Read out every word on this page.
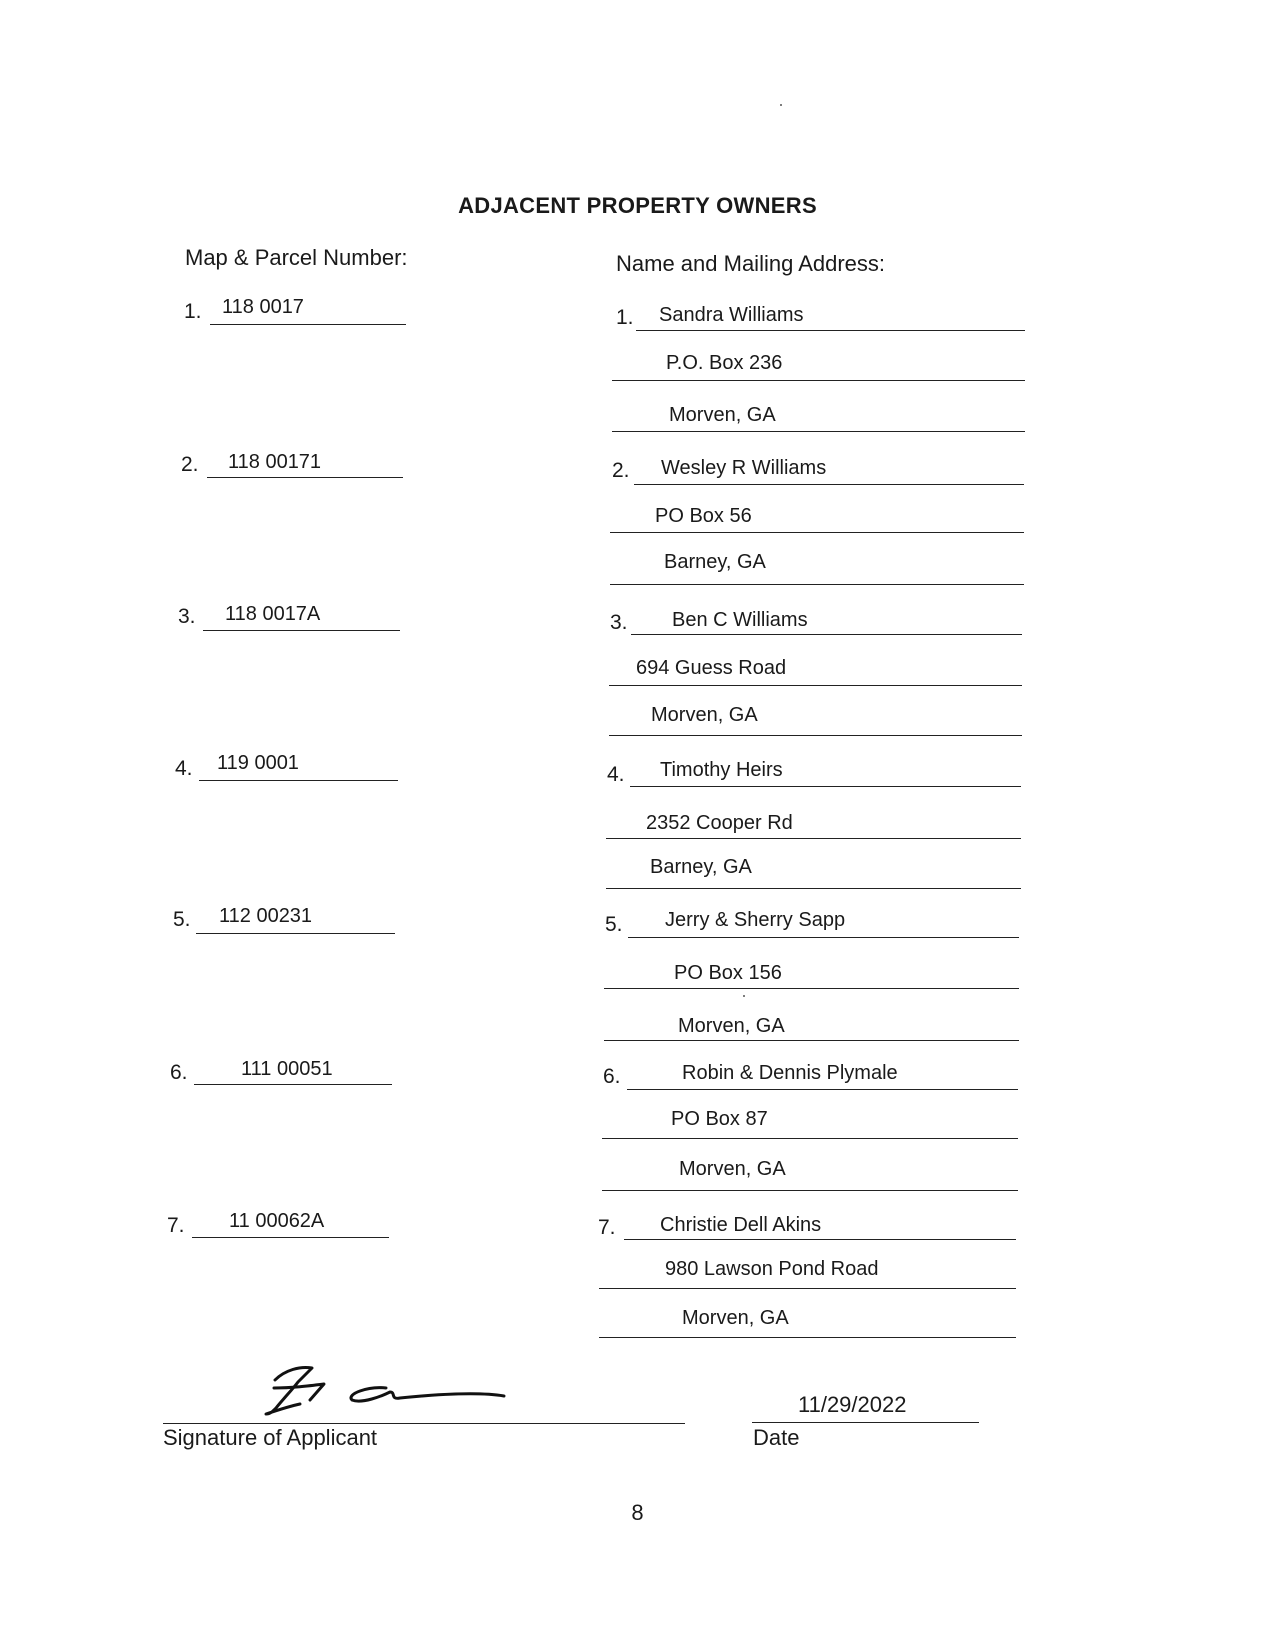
ADJACENT PROPERTY OWNERS
Map & Parcel Number:	Name and Mailing Address:
1. 118 0017	1. Sandra Williams
P.O. Box 236
Morven, GA
2. 118 00171	2. Wesley R Williams
PO Box 56
Barney, GA
3. 118 0017A	3. Ben C Williams
694 Guess Road
Morven, GA
4. 119 0001	4. Timothy Heirs
2352 Cooper Rd
Barney, GA
5. 112 00231	5. Jerry & Sherry Sapp
PO Box 156
Morven, GA
6.	111 00051	6.	Robin & Dennis Plymale
PO Box 87
Morven, GA
7. 11 00062A	7. Christie Dell Akins
980 Lawson Pond Road
Morven, GA
Signature of Applicant
11/29/2022
Date
8
